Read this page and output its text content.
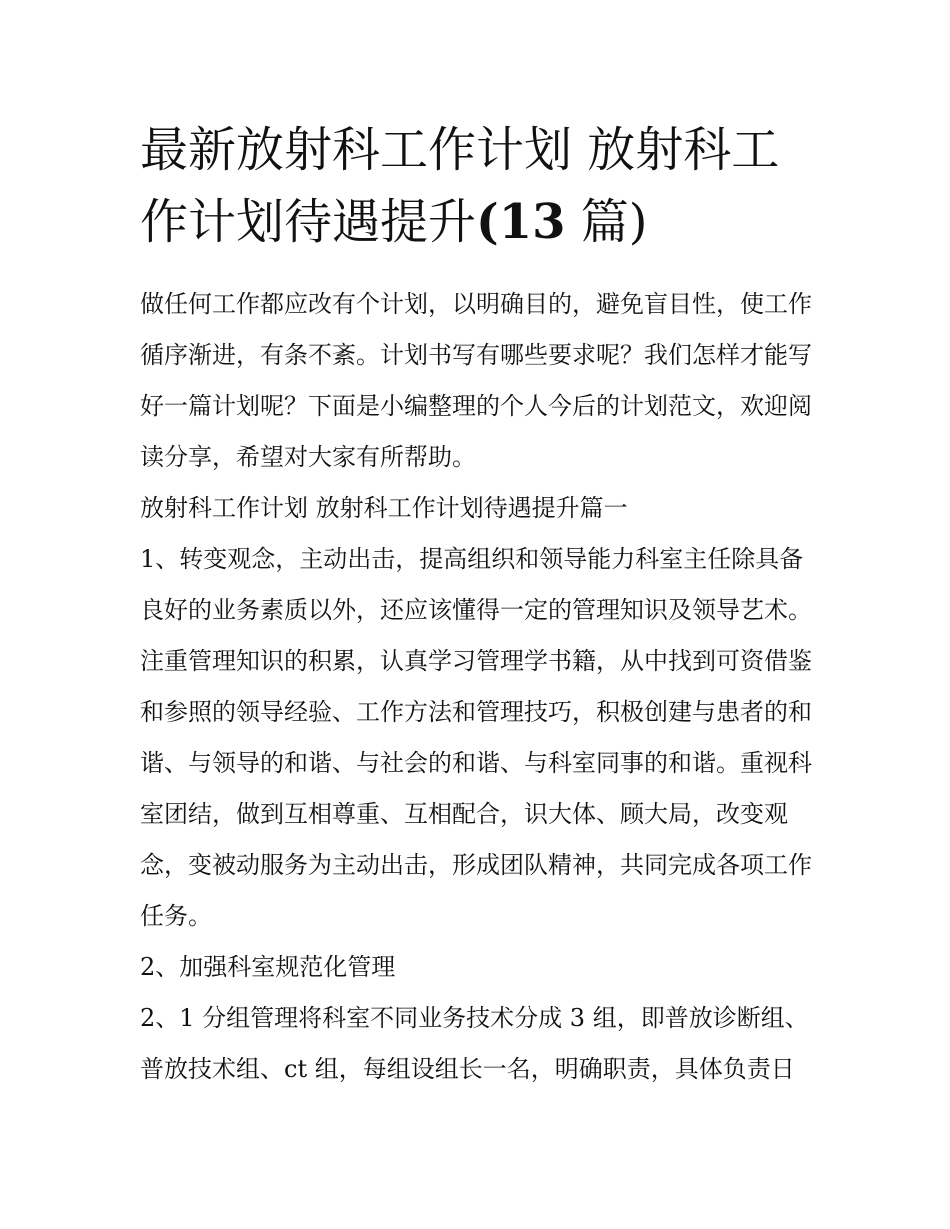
最新放射科工作计划 放射科工作计划待遇提升(13 篇)

做任何工作都应改有个计划，以明确目的，避免盲目性，使工作循序渐进，有条不紊。计划书写有哪些要求呢？我们怎样才能写好一篇计划呢？下面是小编整理的个人今后的计划范文，欢迎阅读分享，希望对大家有所帮助。

放射科工作计划 放射科工作计划待遇提升篇一

1、转变观念，主动出击，提高组织和领导能力科室主任除具备良好的业务素质以外，还应该懂得一定的管理知识及领导艺术。注重管理知识的积累，认真学习管理学书籍，从中找到可资借鉴和参照的领导经验、工作方法和管理技巧，积极创建与患者的和谐、与领导的和谐、与社会的和谐、与科室同事的和谐。重视科室团结，做到互相尊重、互相配合，识大体、顾大局，改变观念，变被动服务为主动出击，形成团队精神，共同完成各项工作任务。

2、加强科室规范化管理

2、1 分组管理将科室不同业务技术分成 3 组，即普放诊断组、普放技术组、ct 组，每组设组长一名，明确职责，具体负责日
